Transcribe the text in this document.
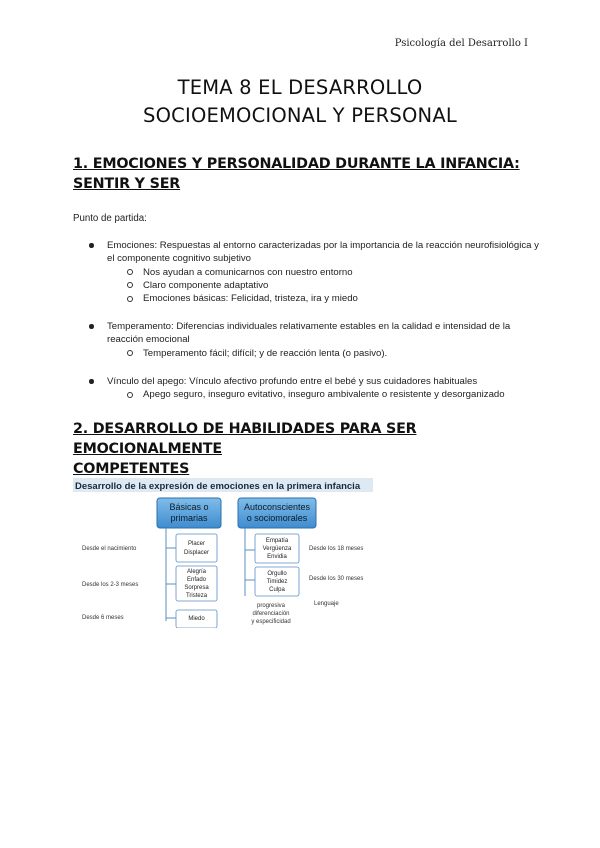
Psicología del Desarrollo I
TEMA 8 EL DESARROLLO
SOCIOEMOCIONAL Y PERSONAL
1. EMOCIONES Y PERSONALIDAD DURANTE LA INFANCIA:
SENTIR Y SER
Punto de partida:
Emociones: Respuestas al entorno caracterizadas por la importancia de la reacción neurofisiológica y el componente cognitivo subjetivo
Nos ayudan a comunicarnos con nuestro entorno
Claro componente adaptativo
Emociones básicas: Felicidad, tristeza, ira y miedo
Temperamento: Diferencias individuales relativamente estables en la calidad e intensidad de la reacción emocional
Temperamento fácil; difícil; y de reacción lenta (o pasivo).
Vínculo del apego: Vínculo afectivo profundo entre el bebé y sus cuidadores habituales
Apego seguro, inseguro evitativo, inseguro ambivalente o resistente y desorganizado
2. DESARROLLO DE HABILIDADES PARA SER EMOCIONALMENTE
COMPETENTES
Desarrollo de la expresión de emociones en la primera infancia
Básicas o
primarias
Autoconscientes
o sociomorales
Desde el nacimiento
Desde los 2-3 meses
Desde 6 meses
Placer
Displacer
Alegría
Enfado
Sorpresa
Tristeza
Miedo
Empatía
Vergüenza
Envidia
Orgullo
Timidez
Culpa
Desde los 18 meses
Desde los 30 meses
progresiva
diferenciación
y especificidad
Lenguaje
